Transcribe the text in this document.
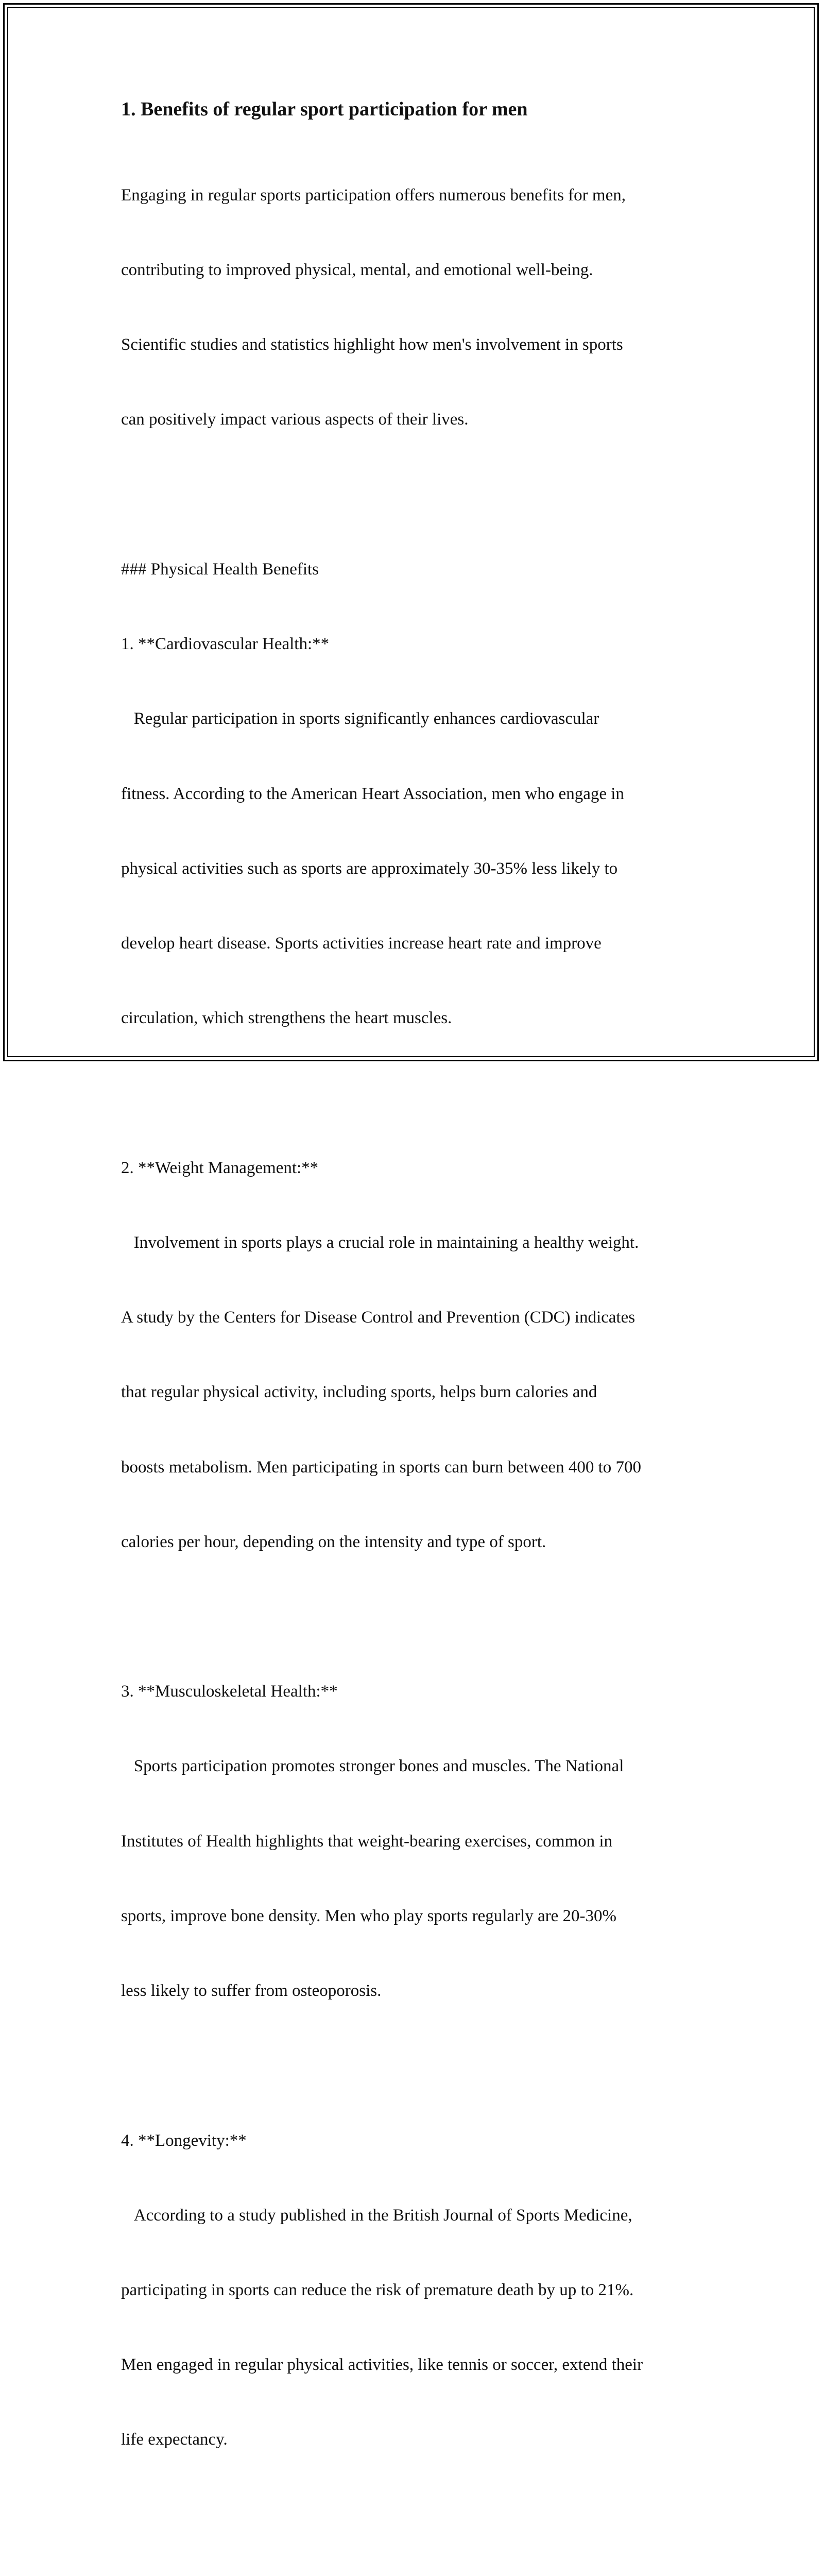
1. Benefits of regular sport participation for men

Engaging in regular sports participation offers numerous benefits for men,

contributing to improved physical, mental, and emotional well-being.

Scientific studies and statistics highlight how men's involvement in sports

can positively impact various aspects of their lives.

### Physical Health Benefits

1. **Cardiovascular Health:**

Regular participation in sports significantly enhances cardiovascular

fitness. According to the American Heart Association, men who engage in

physical activities such as sports are approximately 30-35% less likely to

develop heart disease. Sports activities increase heart rate and improve

circulation, which strengthens the heart muscles.

2. **Weight Management:**

Involvement in sports plays a crucial role in maintaining a healthy weight.

A study by the Centers for Disease Control and Prevention (CDC) indicates

that regular physical activity, including sports, helps burn calories and

boosts metabolism. Men participating in sports can burn between 400 to 700

calories per hour, depending on the intensity and type of sport.

3. **Musculoskeletal Health:**

Sports participation promotes stronger bones and muscles. The National

Institutes of Health highlights that weight-bearing exercises, common in

sports, improve bone density. Men who play sports regularly are 20-30%

less likely to suffer from osteoporosis.

4. **Longevity:**

According to a study published in the British Journal of Sports Medicine,

participating in sports can reduce the risk of premature death by up to 21%.

Men engaged in regular physical activities, like tennis or soccer, extend their

life expectancy.
